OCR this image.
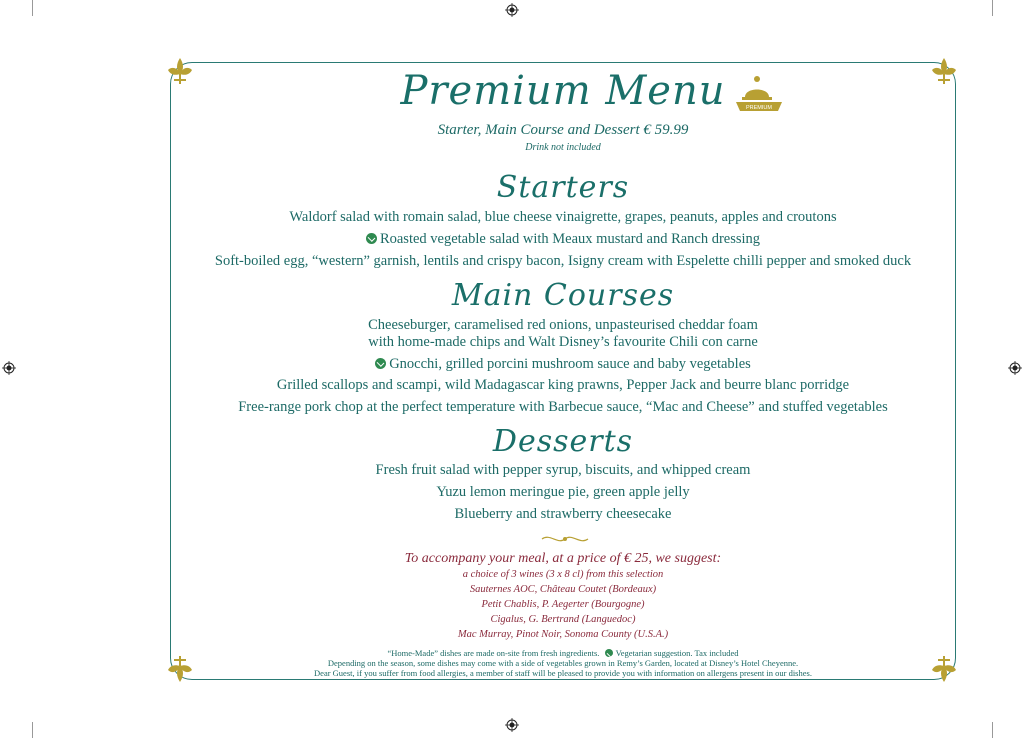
Premium Menu	PREMIUM
Starter, Main Course and Dessert € 59.99
Drink not included
Starters
Waldorf salad with romain salad, blue cheese vinaigrette, grapes, peanuts, apples and croutons
Roasted vegetable salad with Meaux mustard and Ranch dressing
Soft-boiled egg, “western” garnish, lentils and crispy bacon, Isigny cream with Espelette chilli pepper and smoked duck
Main Courses
Cheeseburger, caramelised red onions, unpasteurised cheddar foam
with home-made chips and Walt Disney’s favourite Chili con carne
Gnocchi, grilled porcini mushroom sauce and baby vegetables
Grilled scallops and scampi, wild Madagascar king prawns, Pepper Jack and beurre blanc porridge
Free-range pork chop at the perfect temperature with Barbecue sauce, “Mac and Cheese” and stuffed vegetables
Desserts
Fresh fruit salad with pepper syrup, biscuits, and whipped cream
Yuzu lemon meringue pie, green apple jelly
Blueberry and strawberry cheesecake
To accompany your meal, at a price of € 25, we suggest:
a choice of 3 wines (3 x 8 cl) from this selection
Sauternes AOC, Château Coutet (Bordeaux)
Petit Chablis, P. Aegerter (Bourgogne)
Cigalus, G. Bertrand (Languedoc)
Mac Murray, Pinot Noir, Sonoma County (U.S.A.)
“Home-Made” dishes are made on-site from fresh ingredients. Vegetarian suggestion. Tax included
Depending on the season, some dishes may come with a side of vegetables grown in Remy’s Garden, located at Disney’s Hotel Cheyenne.
Dear Guest, if you suffer from food allergies, a member of staff will be pleased to provide you with information on allergens present in our dishes.
